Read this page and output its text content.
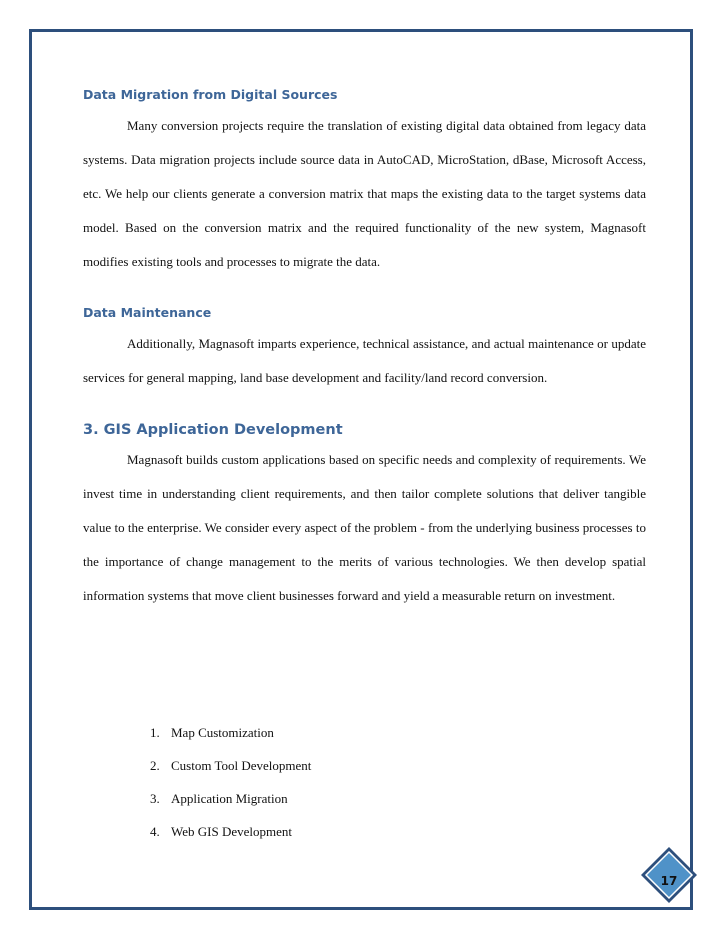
Data Migration from Digital Sources

Many conversion projects require the translation of existing digital data obtained from legacy data systems. Data migration projects include source data in AutoCAD, MicroStation, dBase, Microsoft Access, etc. We help our clients generate a conversion matrix that maps the existing data to the target systems data model. Based on the conversion matrix and the required functionality of the new system, Magnasoft modifies existing tools and processes to migrate the data.

Data Maintenance

Additionally, Magnasoft imparts experience, technical assistance, and actual maintenance or update services for general mapping, land base development and facility/land record conversion.

3. GIS Application Development

Magnasoft builds custom applications based on specific needs and complexity of requirements. We invest time in understanding client requirements, and then tailor complete solutions that deliver tangible value to the enterprise. We consider every aspect of the problem - from the underlying business processes to the importance of change management to the merits of various technologies. We then develop spatial information systems that move client businesses forward and yield a measurable return on investment.

1. Map Customization
2. Custom Tool Development
3. Application Migration
4. Web GIS Development
17
